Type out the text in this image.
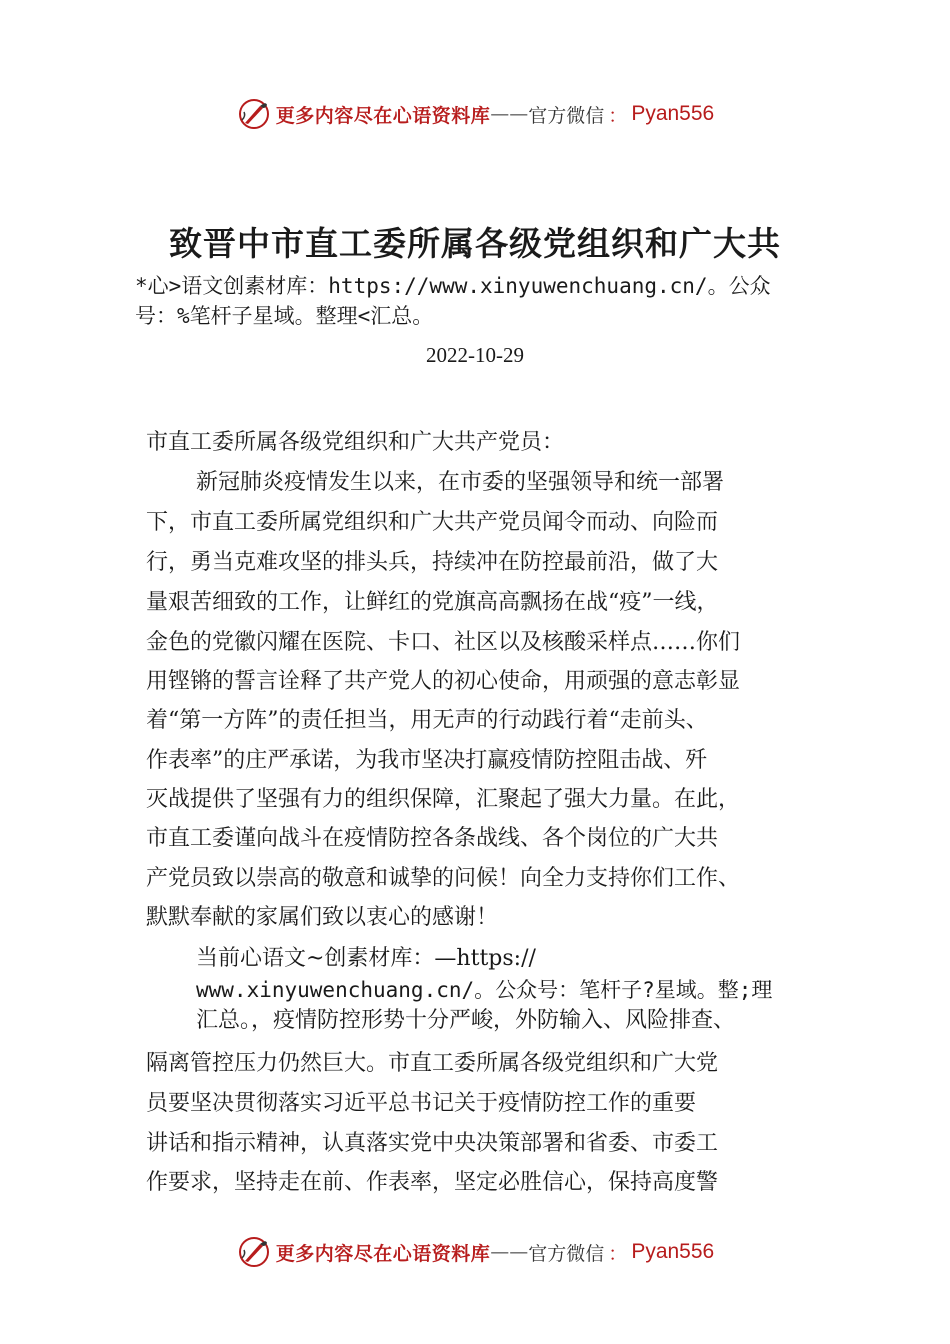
更多内容尽在心语资料库 —— 官方微信 ： Pyan556
致晋中市直工委所属各级党组织和广大共
*心>语文创素材库：https://www.xinyuwenchuang.cn/。公众
号：%笔杆子星域。整理<汇总。
2022-10-29
市直工委所属各级党组织和广大共产党员：
新冠肺炎疫情发生以来，在市委的坚强领导和统一部署
下，市直工委所属党组织和广大共产党员闻令而动、向险而
行，勇当克难攻坚的排头兵，持续冲在防控最前沿，做了大
量艰苦细致的工作，让鲜红的党旗高高飘扬在战“疫”一线，
金色的党徽闪耀在医院、卡口、社区以及核酸采样点……你们
用铿锵的誓言诠释了共产党人的初心使命，用顽强的意志彰显
着“第一方阵”的责任担当，用无声的行动践行着“走前头、
作表率”的庄严承诺，为我市坚决打赢疫情防控阻击战、歼
灭战提供了坚强有力的组织保障，汇聚起了强大力量。在此，
市直工委谨向战斗在疫情防控各条战线、各个岗位的广大共
产党员致以崇高的敬意和诚挚的问候！向全力支持你们工作、
默默奉献的家属们致以衷心的感谢！
当前心语文~创素材库：—https://
www.xinyuwenchuang.cn/。公众号：笔杆子?星域。整;理
汇总。，疫情防控形势十分严峻，外防输入、风险排查、
隔离管控压力仍然巨大。市直工委所属各级党组织和广大党
员要坚决贯彻落实习近平总书记关于疫情防控工作的重要
讲话和指示精神，认真落实党中央决策部署和省委、市委工
作要求，坚持走在前、作表率，坚定必胜信心，保持高度警
更多内容尽在心语资料库 —— 官方微信 ： Pyan556
